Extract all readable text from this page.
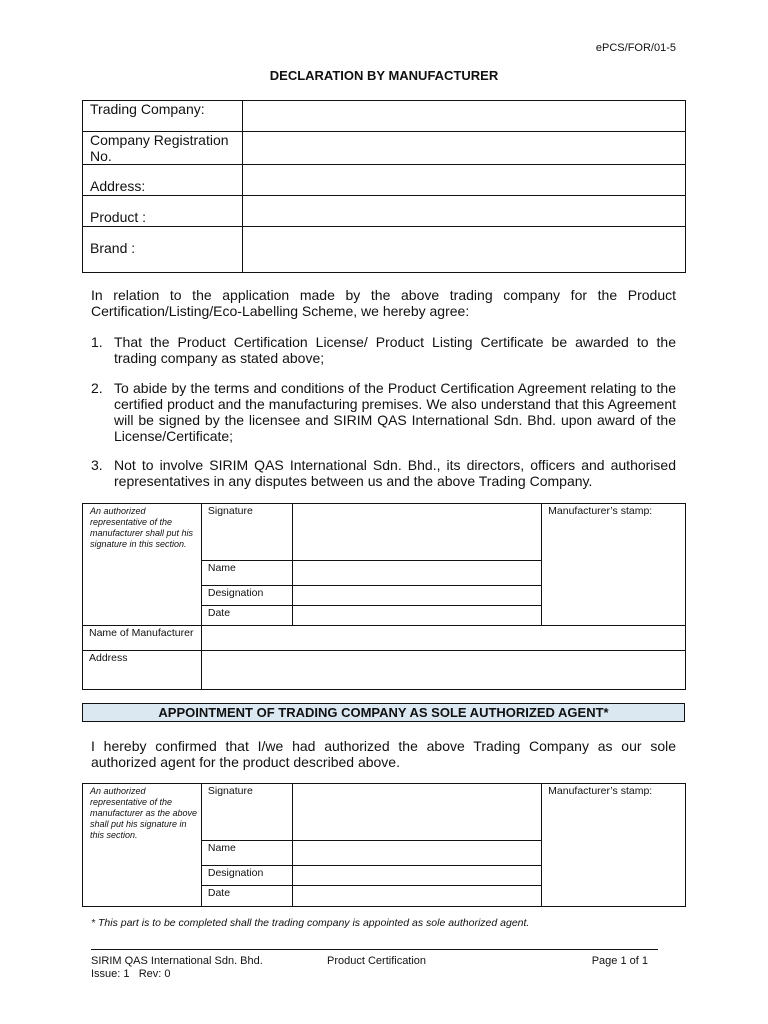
ePCS/FOR/01-5
DECLARATION BY MANUFACTURER
Trading Company:	
Company Registration No.	
Address:	
Product :	
Brand :	
In relation to the application made by the above trading company for the Product Certification/Listing/Eco-Labelling Scheme, we hereby agree:
1. That the Product Certification License/ Product Listing Certificate be awarded to the trading company as stated above;
2. To abide by the terms and conditions of the Product Certification Agreement relating to the certified product and the manufacturing premises. We also understand that this Agreement will be signed by the licensee and SIRIM QAS International Sdn. Bhd. upon award of the License/Certificate;
3. Not to involve SIRIM QAS International Sdn. Bhd., its directors, officers and authorised representatives in any disputes between us and the above Trading Company.
An authorized representative of the manufacturer shall put his signature in this section.	Signature		Manufacturer’s stamp:
	Name		
	Designation		
	Date		
Name of Manufacturer			
Address			
APPOINTMENT OF TRADING COMPANY AS SOLE AUTHORIZED AGENT*
I hereby confirmed that I/we had authorized the above Trading Company as our sole authorized agent for the product described above.
An authorized representative of the manufacturer as the above shall put his signature in this section.	Signature		Manufacturer’s stamp:
	Name		
	Designation		
	Date		
* This part is to be completed shall the trading company is appointed as sole authorized agent.
SIRIM QAS International Sdn. Bhd.	Product Certification	Page 1 of 1
Issue: 1   Rev: 0
